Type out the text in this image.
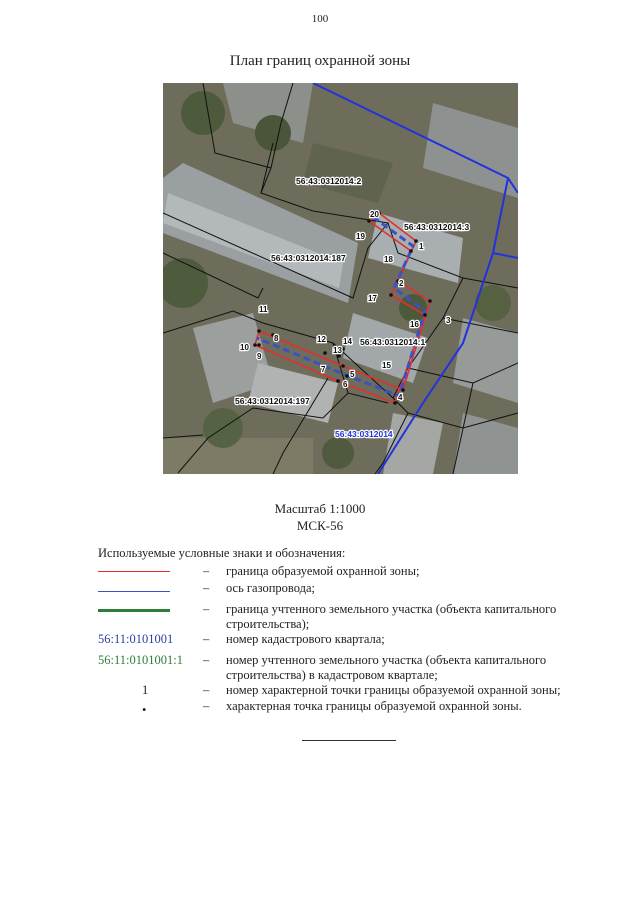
100
План границ охранной зоны
56:43:0312014:2
56:43:0312014:3
56:43:0312014:187
56:43:0312014:1
56:43:0312014:197
56:43:0312014
1
2
3
4
5
6
7
8
9
10
11
12
13
14
15
16
17
18
19
20
Масштаб 1:1000
МСК-56
Используемые условные знаки и обозначения:
– граница образуемой охранной зоны;
– ось газопровода;
– граница учтенного земельного участка (объекта капитального строительства);
56:11:0101001 – номер кадастрового квартала;
56:11:0101001:1 – номер учтенного земельного участка (объекта капитального строительства) в кадастровом квартале;
1	– номер характерной точки границы образуемой охранной зоны;
•	– характерная точка границы образуемой охранной зоны.
